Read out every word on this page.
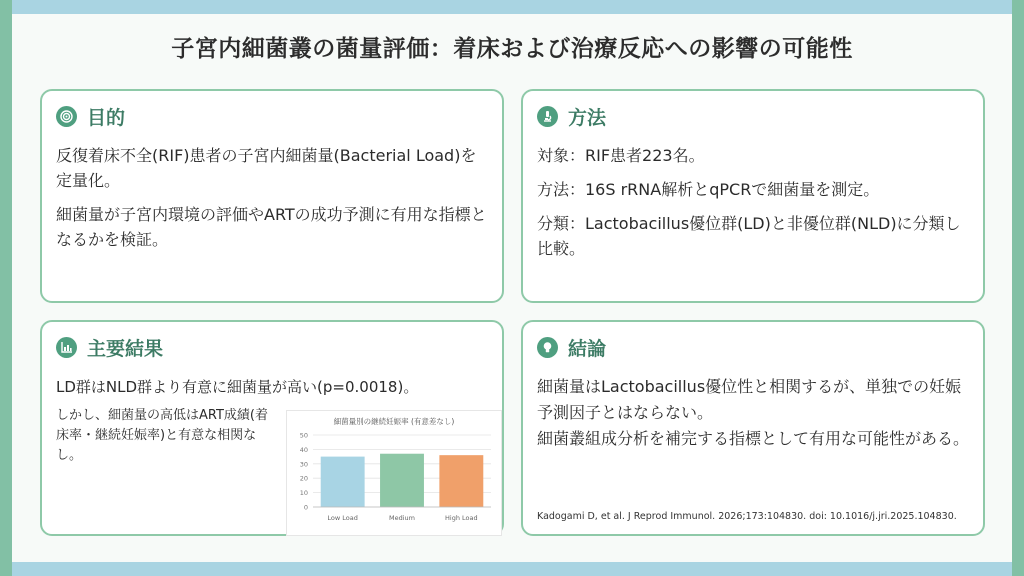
子宮内細菌叢の菌量評価：着床および治療反応への影響の可能性
目的

反復着床不全(RIF)患者の子宮内細菌量(Bacterial Load)を定量化。

細菌量が子宮内環境の評価やARTの成功予測に有用な指標となるかを検証。

方法

対象：RIF患者223名。

方法：16S rRNA解析とqPCRで細菌量を測定。

分類：Lactobacillus優位群(LD)と非優位群(NLD)に分類し比較。

主要結果

LD群はNLD群より有意に細菌量が高い(p=0.0018)。

しかし、細菌量の高低はART成績(着床率・継続妊娠率)と有意な相関なし。

細菌量別の継続妊娠率 (有意差なし)
0
10
20
30
40
50
Low Load	Medium	High Load
結論

細菌量はLactobacillus優位性と相関するが、単独での妊娠予測因子とはならない。

細菌叢組成分析を補完する指標として有用な可能性がある。

Kadogami D, et al. J Reprod Immunol. 2026;173:104830. doi: 10.1016/j.jri.2025.104830.
